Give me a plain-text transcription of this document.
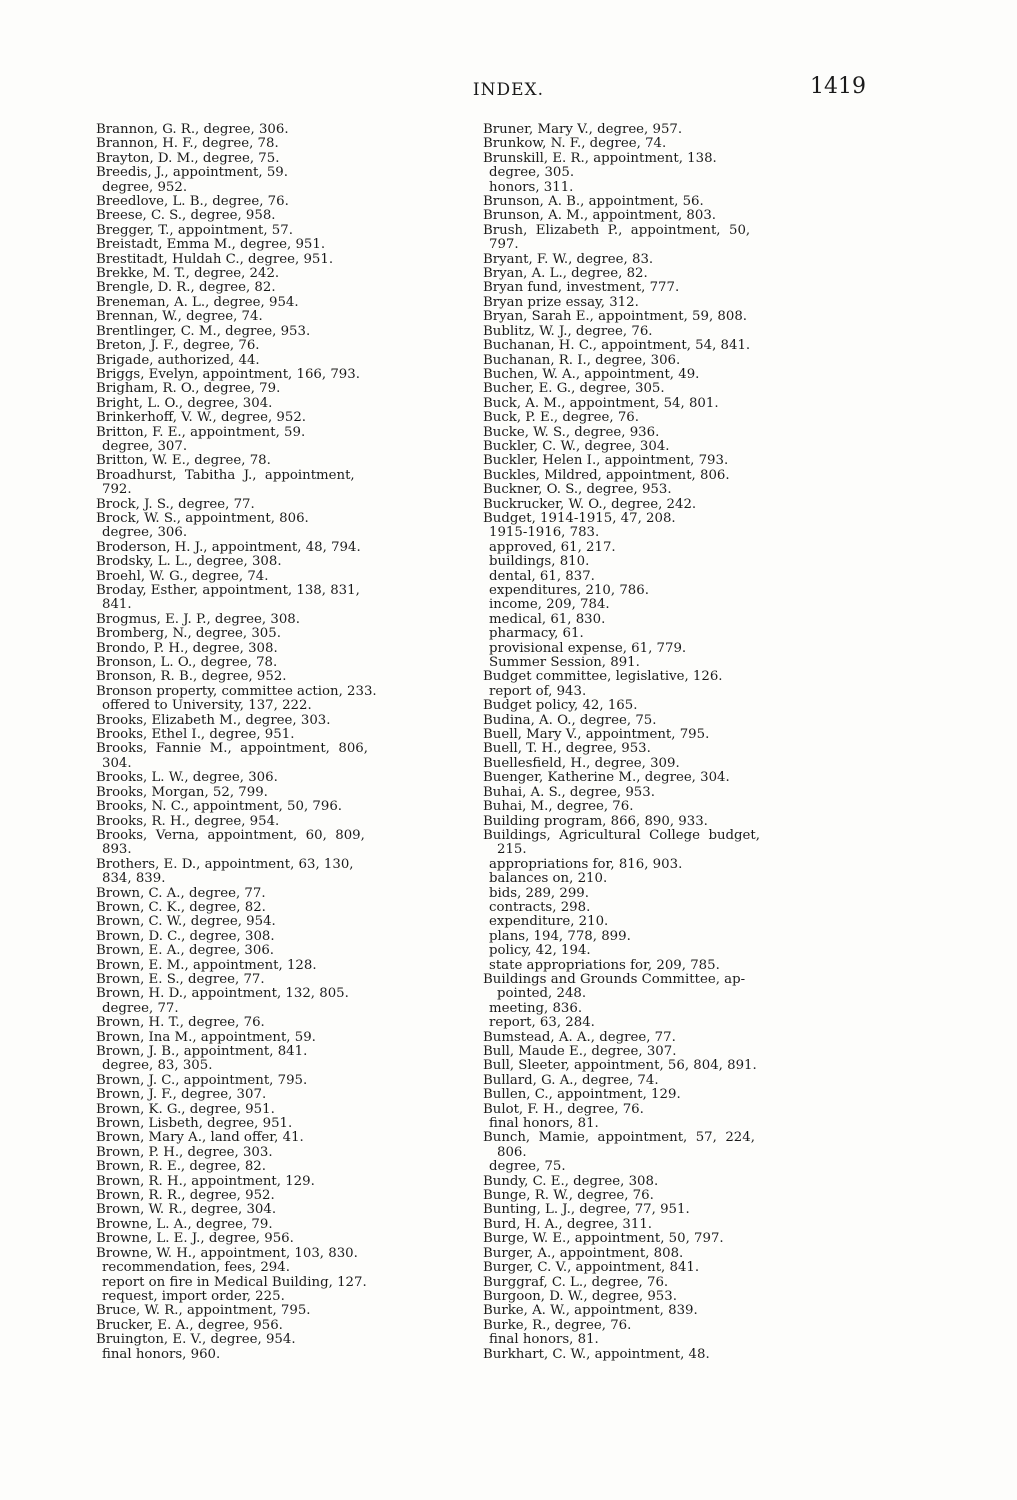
INDEX.	1419
Brannon, G. R., degree, 306.
Brannon, H. F., degree, 78.
Brayton, D. M., degree, 75.
Breedis, J., appointment, 59.
degree, 952.
Breedlove, L. B., degree, 76.
Breese, C. S., degree, 958.
Bregger, T., appointment, 57.
Breistadt, Emma M., degree, 951.
Brestitadt, Huldah C., degree, 951.
Brekke, M. T., degree, 242.
Brengle, D. R., degree, 82.
Breneman, A. L., degree, 954.
Brennan, W., degree, 74.
Brentlinger, C. M., degree, 953.
Breton, J. F., degree, 76.
Brigade, authorized, 44.
Briggs, Evelyn, appointment, 166, 793.
Brigham, R. O., degree, 79.
Bright, L. O., degree, 304.
Brinkerhoff, V. W., degree, 952.
Britton, F. E., appointment, 59.
degree, 307.
Britton, W. E., degree, 78.
Broadhurst,  Tabitha  J.,  appointment,
792.
Brock, J. S., degree, 77.
Brock, W. S., appointment, 806.
degree, 306.
Broderson, H. J., appointment, 48, 794.
Brodsky, L. L., degree, 308.
Broehl, W. G., degree, 74.
Broday, Esther, appointment, 138, 831,
841.
Brogmus, E. J. P., degree, 308.
Bromberg, N., degree, 305.
Brondo, P. H., degree, 308.
Bronson, L. O., degree, 78.
Bronson, R. B., degree, 952.
Bronson property, committee action, 233.
offered to University, 137, 222.
Brooks, Elizabeth M., degree, 303.
Brooks, Ethel I., degree, 951.
Brooks,  Fannie  M.,  appointment,  806,
304.
Brooks, L. W., degree, 306.
Brooks, Morgan, 52, 799.
Brooks, N. C., appointment, 50, 796.
Brooks, R. H., degree, 954.
Brooks,  Verna,  appointment,  60,  809,
893.
Brothers, E. D., appointment, 63, 130,
834, 839.
Brown, C. A., degree, 77.
Brown, C. K., degree, 82.
Brown, C. W., degree, 954.
Brown, D. C., degree, 308.
Brown, E. A., degree, 306.
Brown, E. M., appointment, 128.
Brown, E. S., degree, 77.
Brown, H. D., appointment, 132, 805.
degree, 77.
Brown, H. T., degree, 76.
Brown, Ina M., appointment, 59.
Brown, J. B., appointment, 841.
degree, 83, 305.
Brown, J. C., appointment, 795.
Brown, J. F., degree, 307.
Brown, K. G., degree, 951.
Brown, Lisbeth, degree, 951.
Brown, Mary A., land offer, 41.
Brown, P. H., degree, 303.
Brown, R. E., degree, 82.
Brown, R. H., appointment, 129.
Brown, R. R., degree, 952.
Brown, W. R., degree, 304.
Browne, L. A., degree, 79.
Browne, L. E. J., degree, 956.
Browne, W. H., appointment, 103, 830.
recommendation, fees, 294.
report on fire in Medical Building, 127.
request, import order, 225.
Bruce, W. R., appointment, 795.
Brucker, E. A., degree, 956.
Bruington, E. V., degree, 954.
final honors, 960.
Bruner, Mary V., degree, 957.
Brunkow, N. F., degree, 74.
Brunskill, E. R., appointment, 138.
degree, 305.
honors, 311.
Brunson, A. B., appointment, 56.
Brunson, A. M., appointment, 803.
Brush,  Elizabeth  P.,  appointment,  50,
797.
Bryant, F. W., degree, 83.
Bryan, A. L., degree, 82.
Bryan fund, investment, 777.
Bryan prize essay, 312.
Bryan, Sarah E., appointment, 59, 808.
Bublitz, W. J., degree, 76.
Buchanan, H. C., appointment, 54, 841.
Buchanan, R. I., degree, 306.
Buchen, W. A., appointment, 49.
Bucher, E. G., degree, 305.
Buck, A. M., appointment, 54, 801.
Buck, P. E., degree, 76.
Bucke, W. S., degree, 936.
Buckler, C. W., degree, 304.
Buckler, Helen I., appointment, 793.
Buckles, Mildred, appointment, 806.
Buckner, O. S., degree, 953.
Buckrucker, W. O., degree, 242.
Budget, 1914-1915, 47, 208.
1915-1916, 783.
approved, 61, 217.
buildings, 810.
dental, 61, 837.
expenditures, 210, 786.
income, 209, 784.
medical, 61, 830.
pharmacy, 61.
provisional expense, 61, 779.
Summer Session, 891.
Budget committee, legislative, 126.
report of, 943.
Budget policy, 42, 165.
Budina, A. O., degree, 75.
Buell, Mary V., appointment, 795.
Buell, T. H., degree, 953.
Buellesfield, H., degree, 309.
Buenger, Katherine M., degree, 304.
Buhai, A. S., degree, 953.
Buhai, M., degree, 76.
Building program, 866, 890, 933.
Buildings,  Agricultural  College  budget,
215.
appropriations for, 816, 903.
balances on, 210.
bids, 289, 299.
contracts, 298.
expenditure, 210.
plans, 194, 778, 899.
policy, 42, 194.
state appropriations for, 209, 785.
Buildings and Grounds Committee, ap-
pointed, 248.
meeting, 836.
report, 63, 284.
Bumstead, A. A., degree, 77.
Bull, Maude E., degree, 307.
Bull, Sleeter, appointment, 56, 804, 891.
Bullard, G. A., degree, 74.
Bullen, C., appointment, 129.
Bulot, F. H., degree, 76.
final honors, 81.
Bunch,  Mamie,  appointment,  57,  224,
806.
degree, 75.
Bundy, C. E., degree, 308.
Bunge, R. W., degree, 76.
Bunting, L. J., degree, 77, 951.
Burd, H. A., degree, 311.
Burge, W. E., appointment, 50, 797.
Burger, A., appointment, 808.
Burger, C. V., appointment, 841.
Burggraf, C. L., degree, 76.
Burgoon, D. W., degree, 953.
Burke, A. W., appointment, 839.
Burke, R., degree, 76.
final honors, 81.
Burkhart, C. W., appointment, 48.
